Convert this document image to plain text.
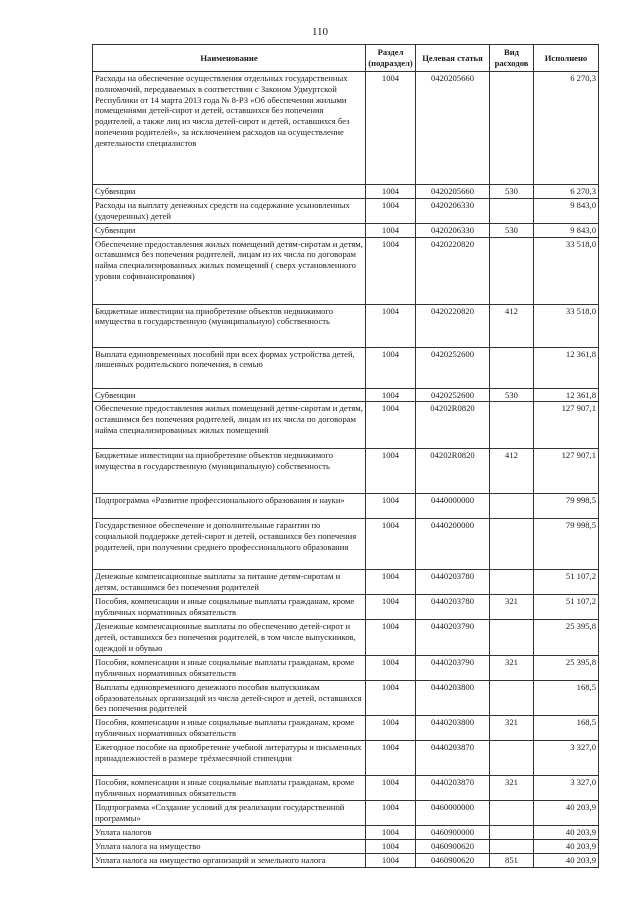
110
Наименование	Раздел (подраздел)	Целевая статья	Вид расходов	Исполнено
Расходы на обеспечение осуществления отдельных государственных полномочий, передаваемых в соответствии с Законом Удмуртской Республики от 14 марта 2013 года № 8-РЗ «Об обеспечении жилыми помещениями детей-сирот и детей, оставшихся без попечения родителей, а также лиц из числа детей-сирот и детей, оставшихся без попечения родителей», за исключением расходов на осуществление деятельности специалистов	1004	0420205660		6 270,3
Субвенции	1004	0420205660	530	6 270,3
Расходы на выплату денежных средств на содержание усыновленных (удочеренных) детей	1004	0420206330		9 843,0
Субвенции	1004	0420206330	530	9 843,0
Обеспечение предоставления жилых помещений детям-сиротам и детям, оставшимся без попечения родителей, лицам из их числа по договорам найма специализированных жилых помещений ( сверх установленного уровня софинансирования)	1004	0420220820		33 518,0
Бюджетные инвестиции на приобретение объектов недвижимого имущества в государственную (муниципальную) собственность	1004	0420220820	412	33 518,0
Выплата единовременных пособий при всех формах устройства детей, лишенных родительского попечения, в семью	1004	0420252600		12 361,8
Субвенции	1004	0420252600	530	12 361,8
Обеспечение предоставления жилых помещений детям-сиротам и детям, оставшимся без попечения родителей, лицам из их числа по договорам найма специализированных жилых помещений	1004	04202R0820		127 907,1
Бюджетные инвестиции на приобретение объектов недвижимого имущества в государственную (муниципальную) собственность	1004	04202R0820	412	127 907,1
Подпрограмма «Развитие профессионального образования и науки»	1004	0440000000		79 998,5
Государственное обеспечение и дополнительные гарантии по социальной поддержке детей-сирот и детей, оставшихся без попечения родителей, при получении среднего профессионального образования	1004	0440200000		79 998,5
Денежные компенсационные выплаты за питание детям-сиротам и детям, оставшимся без попечения родителей	1004	0440203780		51 107,2
Пособия, компенсации и иные социальные выплаты гражданам, кроме публичных нормативных обязательств	1004	0440203780	321	51 107,2
Денежные компенсационные выплаты по обеспечению детей-сирот и детей, оставшихся без попечения родителей, в том числе выпускников, одеждой и обувью	1004	0440203790		25 395,8
Пособия, компенсации и иные социальные выплаты гражданам, кроме публичных нормативных обязательств	1004	0440203790	321	25 395,8
Выплаты единовременного денежного пособия выпускникам образовательных организаций из числа детей-сирот и детей, оставшихся без попечения родителей	1004	0440203800		168,5
Пособия, компенсации и иные социальные выплаты гражданам, кроме публичных нормативных обязательств	1004	0440203800	321	168,5
Ежегодное пособие на приобретение учебной литературы и письменных принадлежностей в размере трёхмесячной стипендии	1004	0440203870		3 327,0
Пособия, компенсации и иные социальные выплаты гражданам, кроме публичных нормативных обязательств	1004	0440203870	321	3 327,0
Подпрограмма «Создание условий для реализации государственной программы»	1004	0460000000		40 203,9
Уплата налогов	1004	0460900000		40 203,9
Уплата налога на имущество	1004	0460900620		40 203,9
Уплата налога на имущество организаций и земельного налога	1004	0460900620	851	40 203,9
